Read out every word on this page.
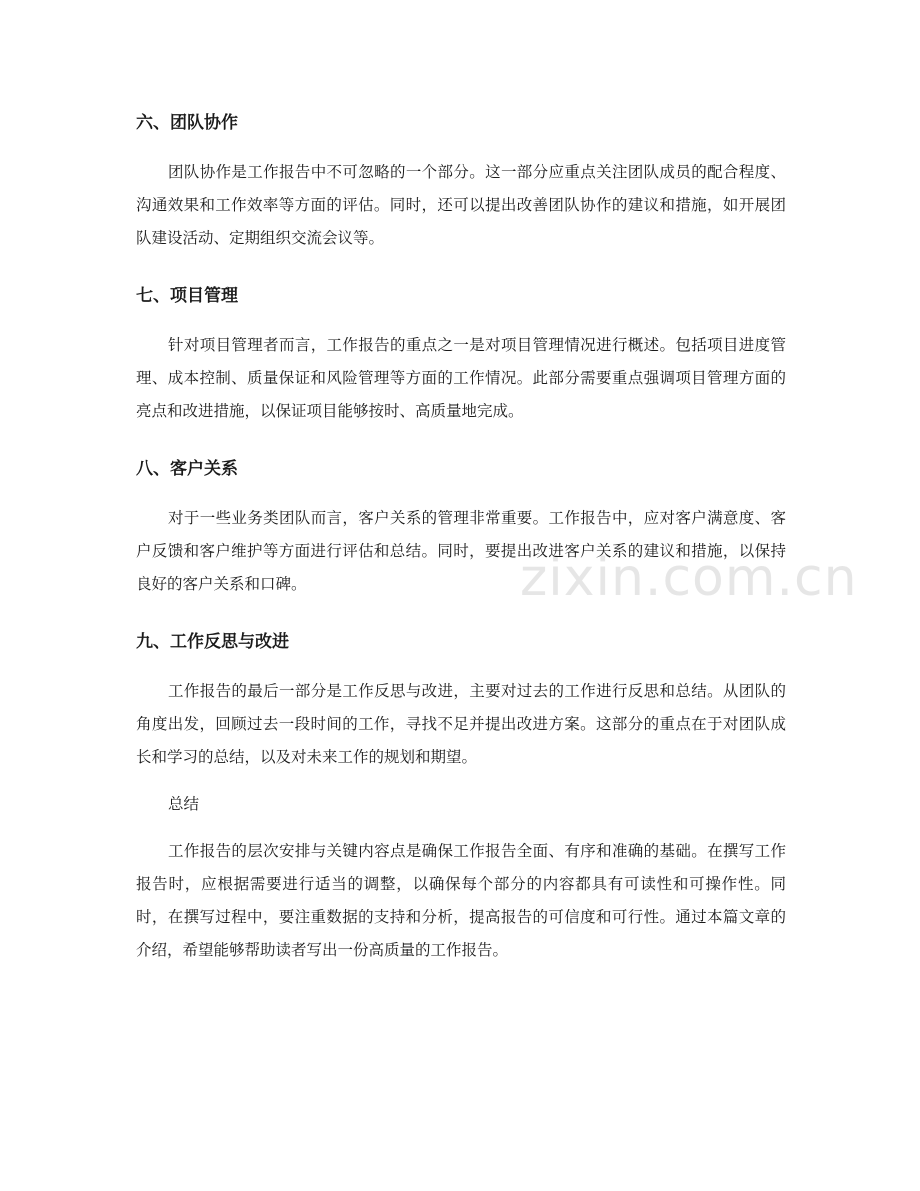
zixin.com.cn
六、团队协作

团队协作是工作报告中不可忽略的一个部分。这一部分应重点关注团队成员的配合程度、沟通效果和工作效率等方面的评估。同时，还可以提出改善团队协作的建议和措施，如开展团队建设活动、定期组织交流会议等。

七、项目管理

针对项目管理者而言，工作报告的重点之一是对项目管理情况进行概述。包括项目进度管理、成本控制、质量保证和风险管理等方面的工作情况。此部分需要重点强调项目管理方面的亮点和改进措施，以保证项目能够按时、高质量地完成。

八、客户关系

对于一些业务类团队而言，客户关系的管理非常重要。工作报告中，应对客户满意度、客户反馈和客户维护等方面进行评估和总结。同时，要提出改进客户关系的建议和措施，以保持良好的客户关系和口碑。

九、工作反思与改进

工作报告的最后一部分是工作反思与改进，主要对过去的工作进行反思和总结。从团队的角度出发，回顾过去一段时间的工作，寻找不足并提出改进方案。这部分的重点在于对团队成长和学习的总结，以及对未来工作的规划和期望。

总结

工作报告的层次安排与关键内容点是确保工作报告全面、有序和准确的基础。在撰写工作报告时，应根据需要进行适当的调整，以确保每个部分的内容都具有可读性和可操作性。同时，在撰写过程中，要注重数据的支持和分析，提高报告的可信度和可行性。通过本篇文章的介绍，希望能够帮助读者写出一份高质量的工作报告。
